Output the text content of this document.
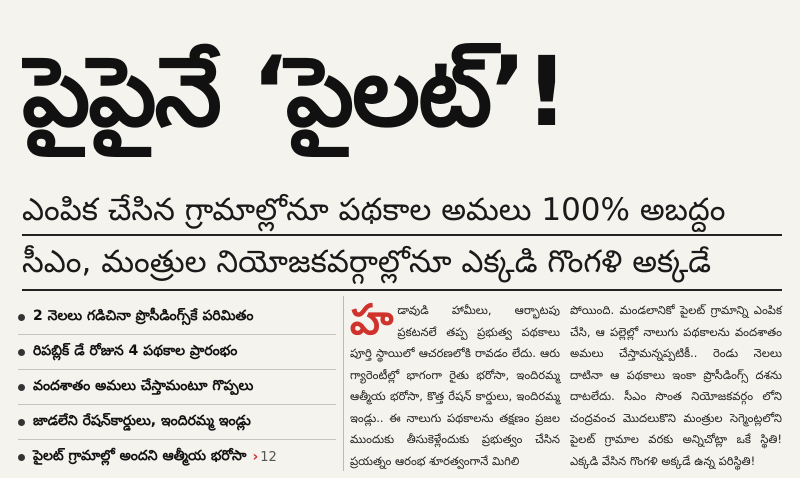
పైపైనే ‘పైలట్’!
ఎంపిక చేసిన గ్రామాల్లోనూ పథకాల అమలు 100% అబద్ధం
సీఎం, మంత్రుల నియోజకవర్గాల్లోనూ ఎక్కడి గొంగళి అక్కడే
2 నెలలు గడిచినా ప్రొసీడింగ్స్‌కే పరిమితం
రిపబ్లిక్ డే రోజున 4 పథకాల ప్రారంభం
వందశాతం అమలు చేస్తామంటూ గొప్పలు
జాడలేని రేషన్‌కార్డులు, ఇందిరమ్మ ఇండ్లు
పైలట్ గ్రామాల్లో అందని ఆత్మీయ భరోసా › 12
హడావుడి హామీలు, ఆర్భాటపు ప్రకటనలే తప్ప ప్రభుత్వ పథకాలు పూర్తి స్థాయిలో ఆచరణలోకి రావడం లేదు. ఆరు గ్యారెంటీల్లో భాగంగా రైతు భరోసా, ఇందిరమ్మ ఆత్మీయ భరోసా, కొత్త రేషన్ కార్డులు, ఇందిరమ్మ ఇండ్లు.. ఈ నాలుగు పథకాలను తక్షణం ప్రజల ముందుకు తీసుకెళ్లేందుకు ప్రభుత్వం చేసిన ప్రయత్నం ఆరంభ శూరత్వంగానే మిగిలి
పోయింది. మండలానికో పైలట్ గ్రామాన్ని ఎంపిక చేసి, ఆ పల్లెల్లో నాలుగు పథకాలను వందశాతం అమలు చేస్తామన్నప్పటికీ.. రెండు నెలలు దాటినా ఆ పథకాలు ఇంకా ప్రొసీడింగ్స్ దశను దాటలేదు. సీఎం సొంత నియోజకవర్గం లోని చంద్రవంచ మొదలుకొని మంత్రుల సెగ్మెంట్లలోని పైలట్ గ్రామాల వరకు అన్నిచోట్లా ఒకే స్థితి! ఎక్కడి వేసిన గొంగళి అక్కడే ఉన్న పరిస్థితి!
